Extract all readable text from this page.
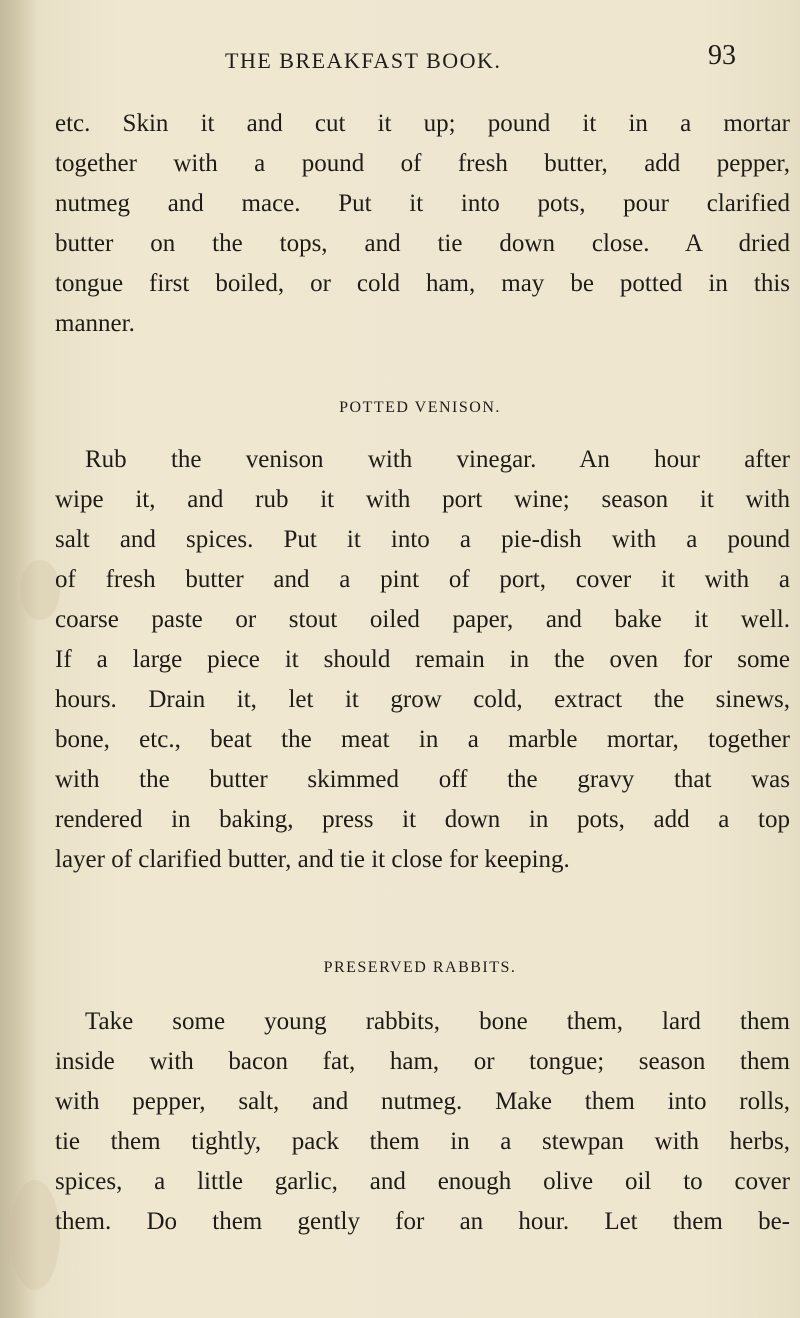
THE BREAKFAST BOOK.	93
etc. Skin it and cut it up; pound it in a mortar
together with a pound of fresh butter, add pepper,
nutmeg and mace. Put it into pots, pour clarified
butter on the tops, and tie down close. A dried
tongue first boiled, or cold ham, may be potted in this
manner.
POTTED VENISON.
Rub the venison with vinegar. An hour after
wipe it, and rub it with port wine; season it with
salt and spices. Put it into a pie-dish with a pound
of fresh butter and a pint of port, cover it with a
coarse paste or stout oiled paper, and bake it well.
If a large piece it should remain in the oven for some
hours. Drain it, let it grow cold, extract the sinews,
bone, etc., beat the meat in a marble mortar, together
with the butter skimmed off the gravy that was
rendered in baking, press it down in pots, add a top
layer of clarified butter, and tie it close for keeping.
PRESERVED RABBITS.
Take some young rabbits, bone them, lard them
inside with bacon fat, ham, or tongue; season them
with pepper, salt, and nutmeg. Make them into rolls,
tie them tightly, pack them in a stewpan with herbs,
spices, a little garlic, and enough olive oil to cover
them. Do them gently for an hour. Let them be-
